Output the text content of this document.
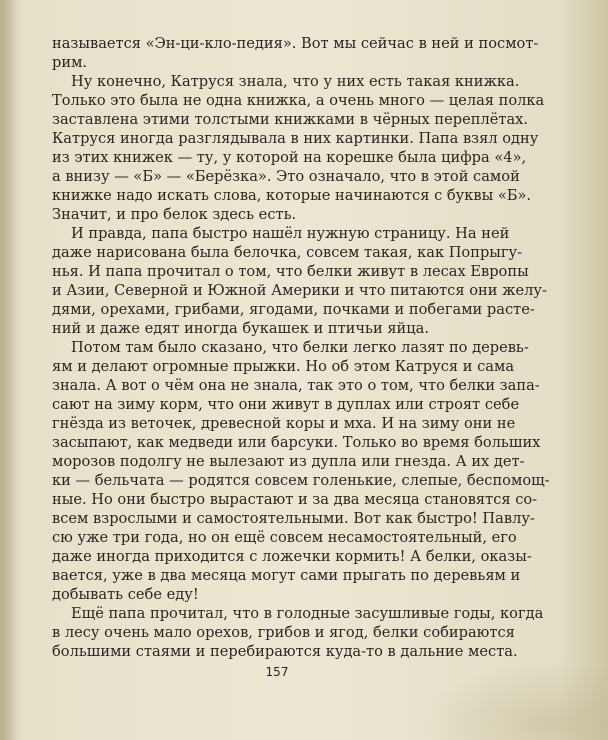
называется «Эн-ци-кло-педия». Вот мы сейчас в ней и посмот-
рим.
Ну конечно, Катруся знала, что у них есть такая книжка.
Только это была не одна книжка, а очень много — целая полка
заставлена этими толстыми книжками в чёрных переплётах.
Катруся иногда разглядывала в них картинки. Папа взял одну
из этих книжек — ту, у которой на корешке была цифра «4»,
а внизу — «Б» — «Берёзка». Это означало, что в этой самой
книжке надо искать слова, которые начинаются с буквы «Б».
Значит, и про белок здесь есть.
И правда, папа быстро нашёл нужную страницу. На ней
даже нарисована была белочка, совсем такая, как Попрыгу-
нья. И папа прочитал о том, что белки живут в лесах Европы
и Азии, Северной и Южной Америки и что питаются они желу-
дями, орехами, грибами, ягодами, почками и побегами расте-
ний и даже едят иногда букашек и птичьи яйца.
Потом там было сказано, что белки легко лазят по деревь-
ям и делают огромные прыжки. Но об этом Катруся и сама
знала. А вот о чём она не знала, так это о том, что белки запа-
сают на зиму корм, что они живут в дуплах или строят себе
гнёзда из веточек, древесной коры и мха. И на зиму они не
засыпают, как медведи или барсуки. Только во время больших
морозов подолгу не вылезают из дупла или гнезда. А их дет-
ки — бельчата — родятся совсем голенькие, слепые, беспомощ-
ные. Но они быстро вырастают и за два месяца становятся со-
всем взрослыми и самостоятельными. Вот как быстро! Павлу-
сю уже три года, но он ещё совсем несамостоятельный, его
даже иногда приходится с ложечки кормить! А белки, оказы-
вается, уже в два месяца могут сами прыгать по деревьям и
добывать себе еду!
Ещё папа прочитал, что в голодные засушливые годы, когда
в лесу очень мало орехов, грибов и ягод, белки собираются
большими стаями и перебираются куда-то в дальние места.
157
